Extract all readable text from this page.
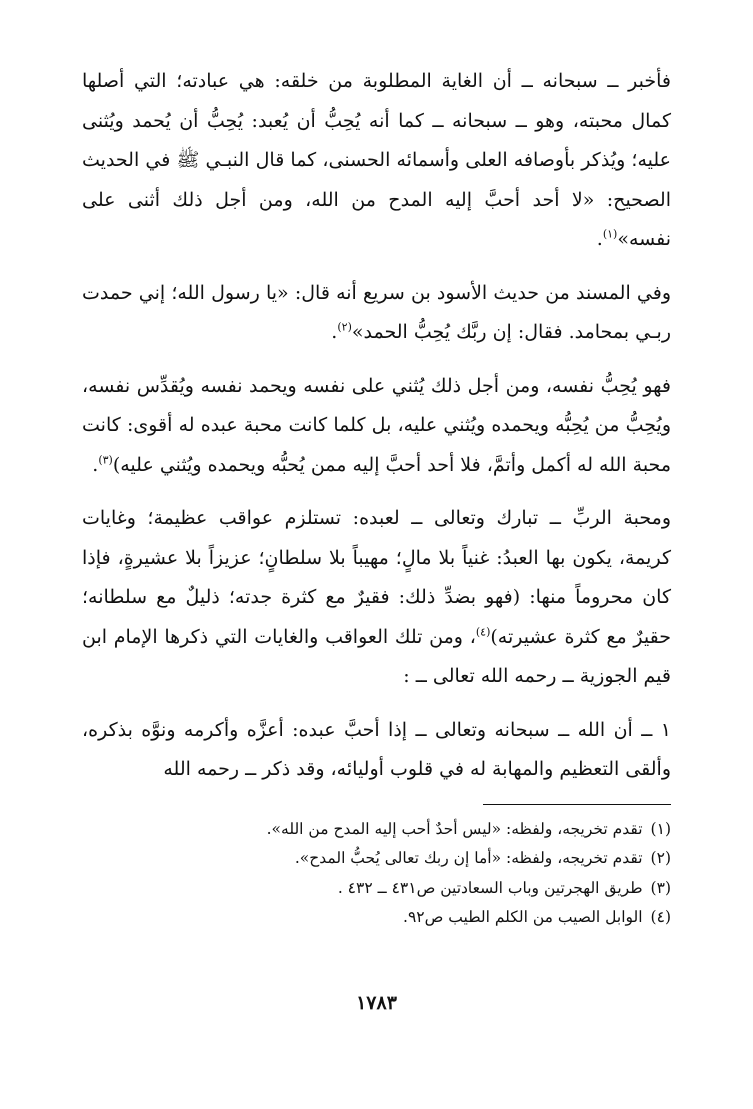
فأخبر ــ سبحانه ــ أن الغاية المطلوبة من خلقه: هي عبادته؛ التي أصلها كمال محبته، وهو ــ سبحانه ــ كما أنه يُحِبُّ أن يُعبد: يُحِبُّ أن يُحمد ويُثنى عليه؛ ويُذكر بأوصافه العلى وأسمائه الحسنى، كما قال النبـي ﷺ في الحديث الصحيح: «لا أحد أحبَّ إليه المدح من الله، ومن أجل ذلك أثنى على نفسه»$^{(١)}$.

وفي المسند من حديث الأسود بن سريع أنه قال: «يا رسول الله؛ إني حمدت ربـي بمحامد. فقال: إن ربَّك يُحِبُّ الحمد»$^{(٢)}$.

فهو يُحِبُّ نفسه، ومن أجل ذلك يُثني على نفسه ويحمد نفسه ويُقدِّس نفسه، ويُحِبُّ من يُحِبُّه ويحمده ويُثني عليه، بل كلما كانت محبة عبده له أقوى: كانت محبة الله له أكمل وأتمَّ، فلا أحد أحبَّ إليه ممن يُحبُّه ويحمده ويُثني عليه)$^{(٣)}$.

ومحبة الربِّ ــ تبارك وتعالى ــ لعبده: تستلزم عواقب عظيمة؛ وغايات كريمة، يكون بها العبدُ: غنياً بلا مالٍ؛ مهيباً بلا سلطانٍ؛ عزيزاً بلا عشيرةٍ، فإذا كان محروماً منها: (فهو بضدِّ ذلك: فقيرٌ مع كثرة جدته؛ ذليلٌ مع سلطانه؛ حقيرٌ مع كثرة عشيرته)$^{(٤)}$، ومن تلك العواقب والغايات التي ذكرها الإمام ابن قيم الجوزية ــ رحمه الله تعالى ــ :

١ ــ أن الله ــ سبحانه وتعالى ــ إذا أحبَّ عبده: أعزَّه وأكرمه ونوَّه بذكره، وألقى التعظيم والمهابة له في قلوب أوليائه، وقد ذكر ــ رحمه الله

(١)
تقدم تخريجه، ولفظه: «ليس أحدٌ أحب إليه المدح من الله».
(٢)
تقدم تخريجه، ولفظه: «أما إن ربك تعالى يُحبُّ المدح».
(٣)
طريق الهجرتين وباب السعادتين ص٤٣١ ــ ٤٣٢ .
(٤)
الوابل الصيب من الكلم الطيب ص٩٢.
١٧٨٣
